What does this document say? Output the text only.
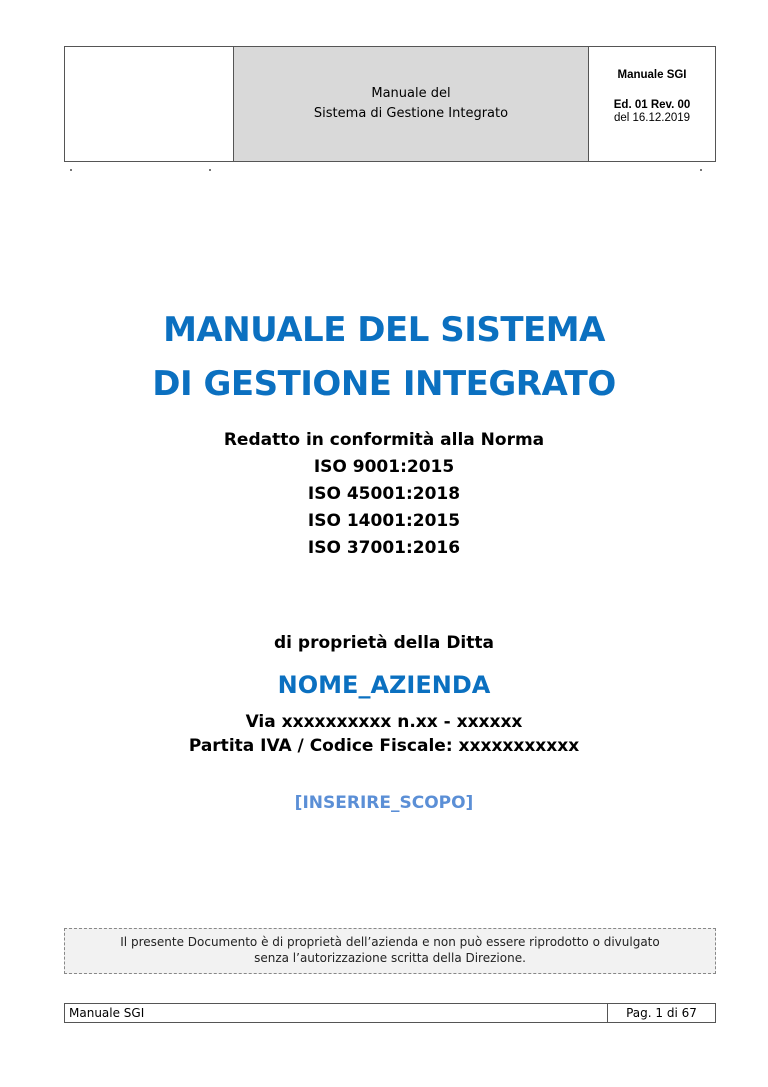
Manuale del
Sistema di Gestione Integrato
Manuale SGI
Ed. 01 Rev. 00
del 16.12.2019
MANUALE DEL SISTEMA
DI GESTIONE INTEGRATO
Redatto in conformità alla Norma
ISO 9001:2015
ISO 45001:2018
ISO 14001:2015
ISO 37001:2016
di proprietà della Ditta
NOME_AZIENDA
Via xxxxxxxxxx n.xx - xxxxxx
Partita IVA / Codice Fiscale: xxxxxxxxxxx
[INSERIRE_SCOPO]
Il presente Documento è di proprietà dell’azienda e non può essere riprodotto o divulgato
senza l’autorizzazione scritta della Direzione.
Manuale SGI	Pag. 1 di 67
